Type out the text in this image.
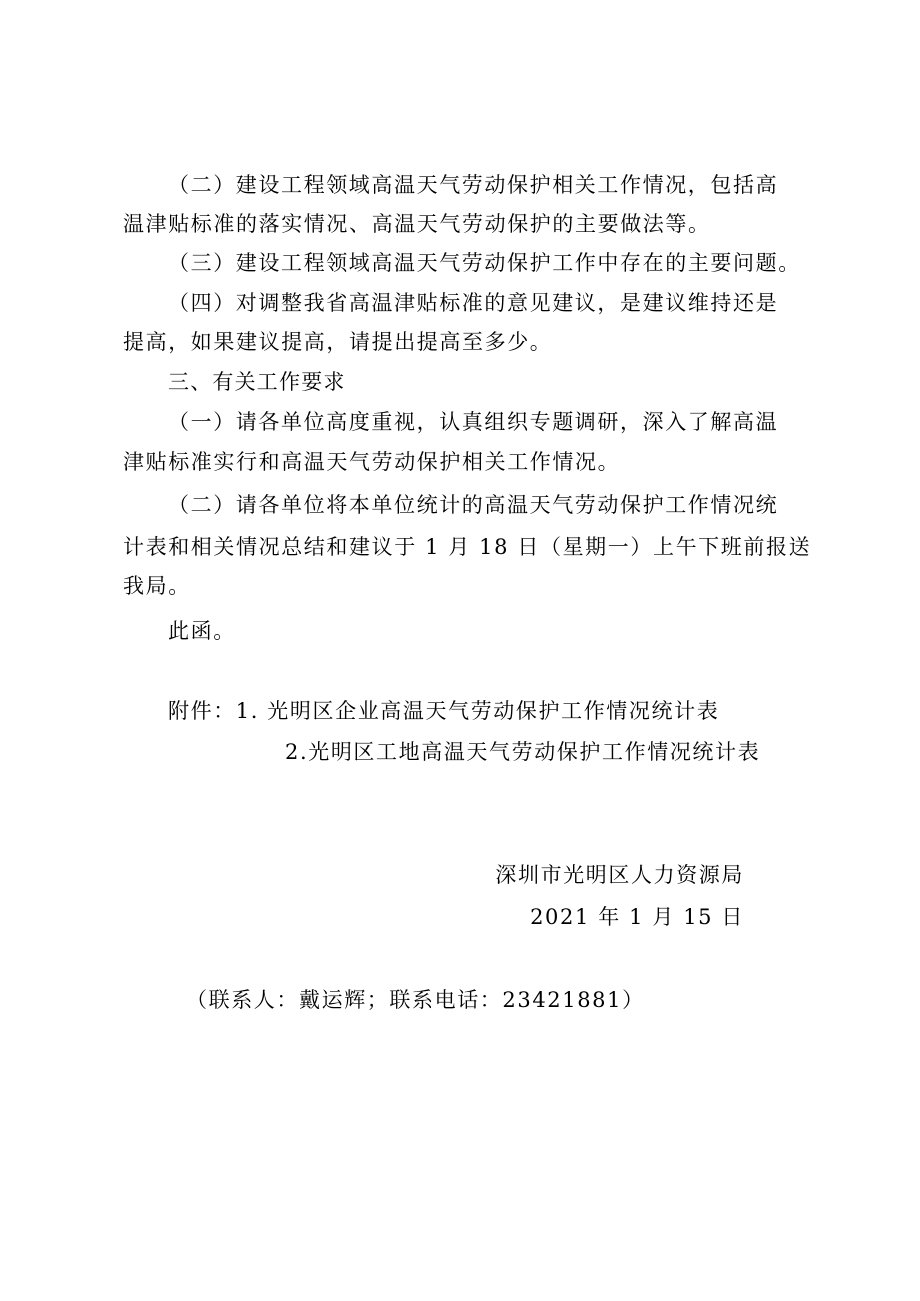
（二）建设工程领域高温天气劳动保护相关工作情况，包括高
温津贴标准的落实情况、高温天气劳动保护的主要做法等。
（三）建设工程领域高温天气劳动保护工作中存在的主要问题。
（四）对调整我省高温津贴标准的意见建议，是建议维持还是
提高，如果建议提高，请提出提高至多少。
三、有关工作要求
（一）请各单位高度重视，认真组织专题调研，深入了解高温
津贴标准实行和高温天气劳动保护相关工作情况。
（二）请各单位将本单位统计的高温天气劳动保护工作情况统
计表和相关情况总结和建议于 1 月 18 日（星期一）上午下班前报送
我局。
此函。
附件：1. 光明区企业高温天气劳动保护工作情况统计表
2.光明区工地高温天气劳动保护工作情况统计表
深圳市光明区人力资源局
2021 年 1 月 15 日
（联系人：戴运辉；联系电话：23421881）
